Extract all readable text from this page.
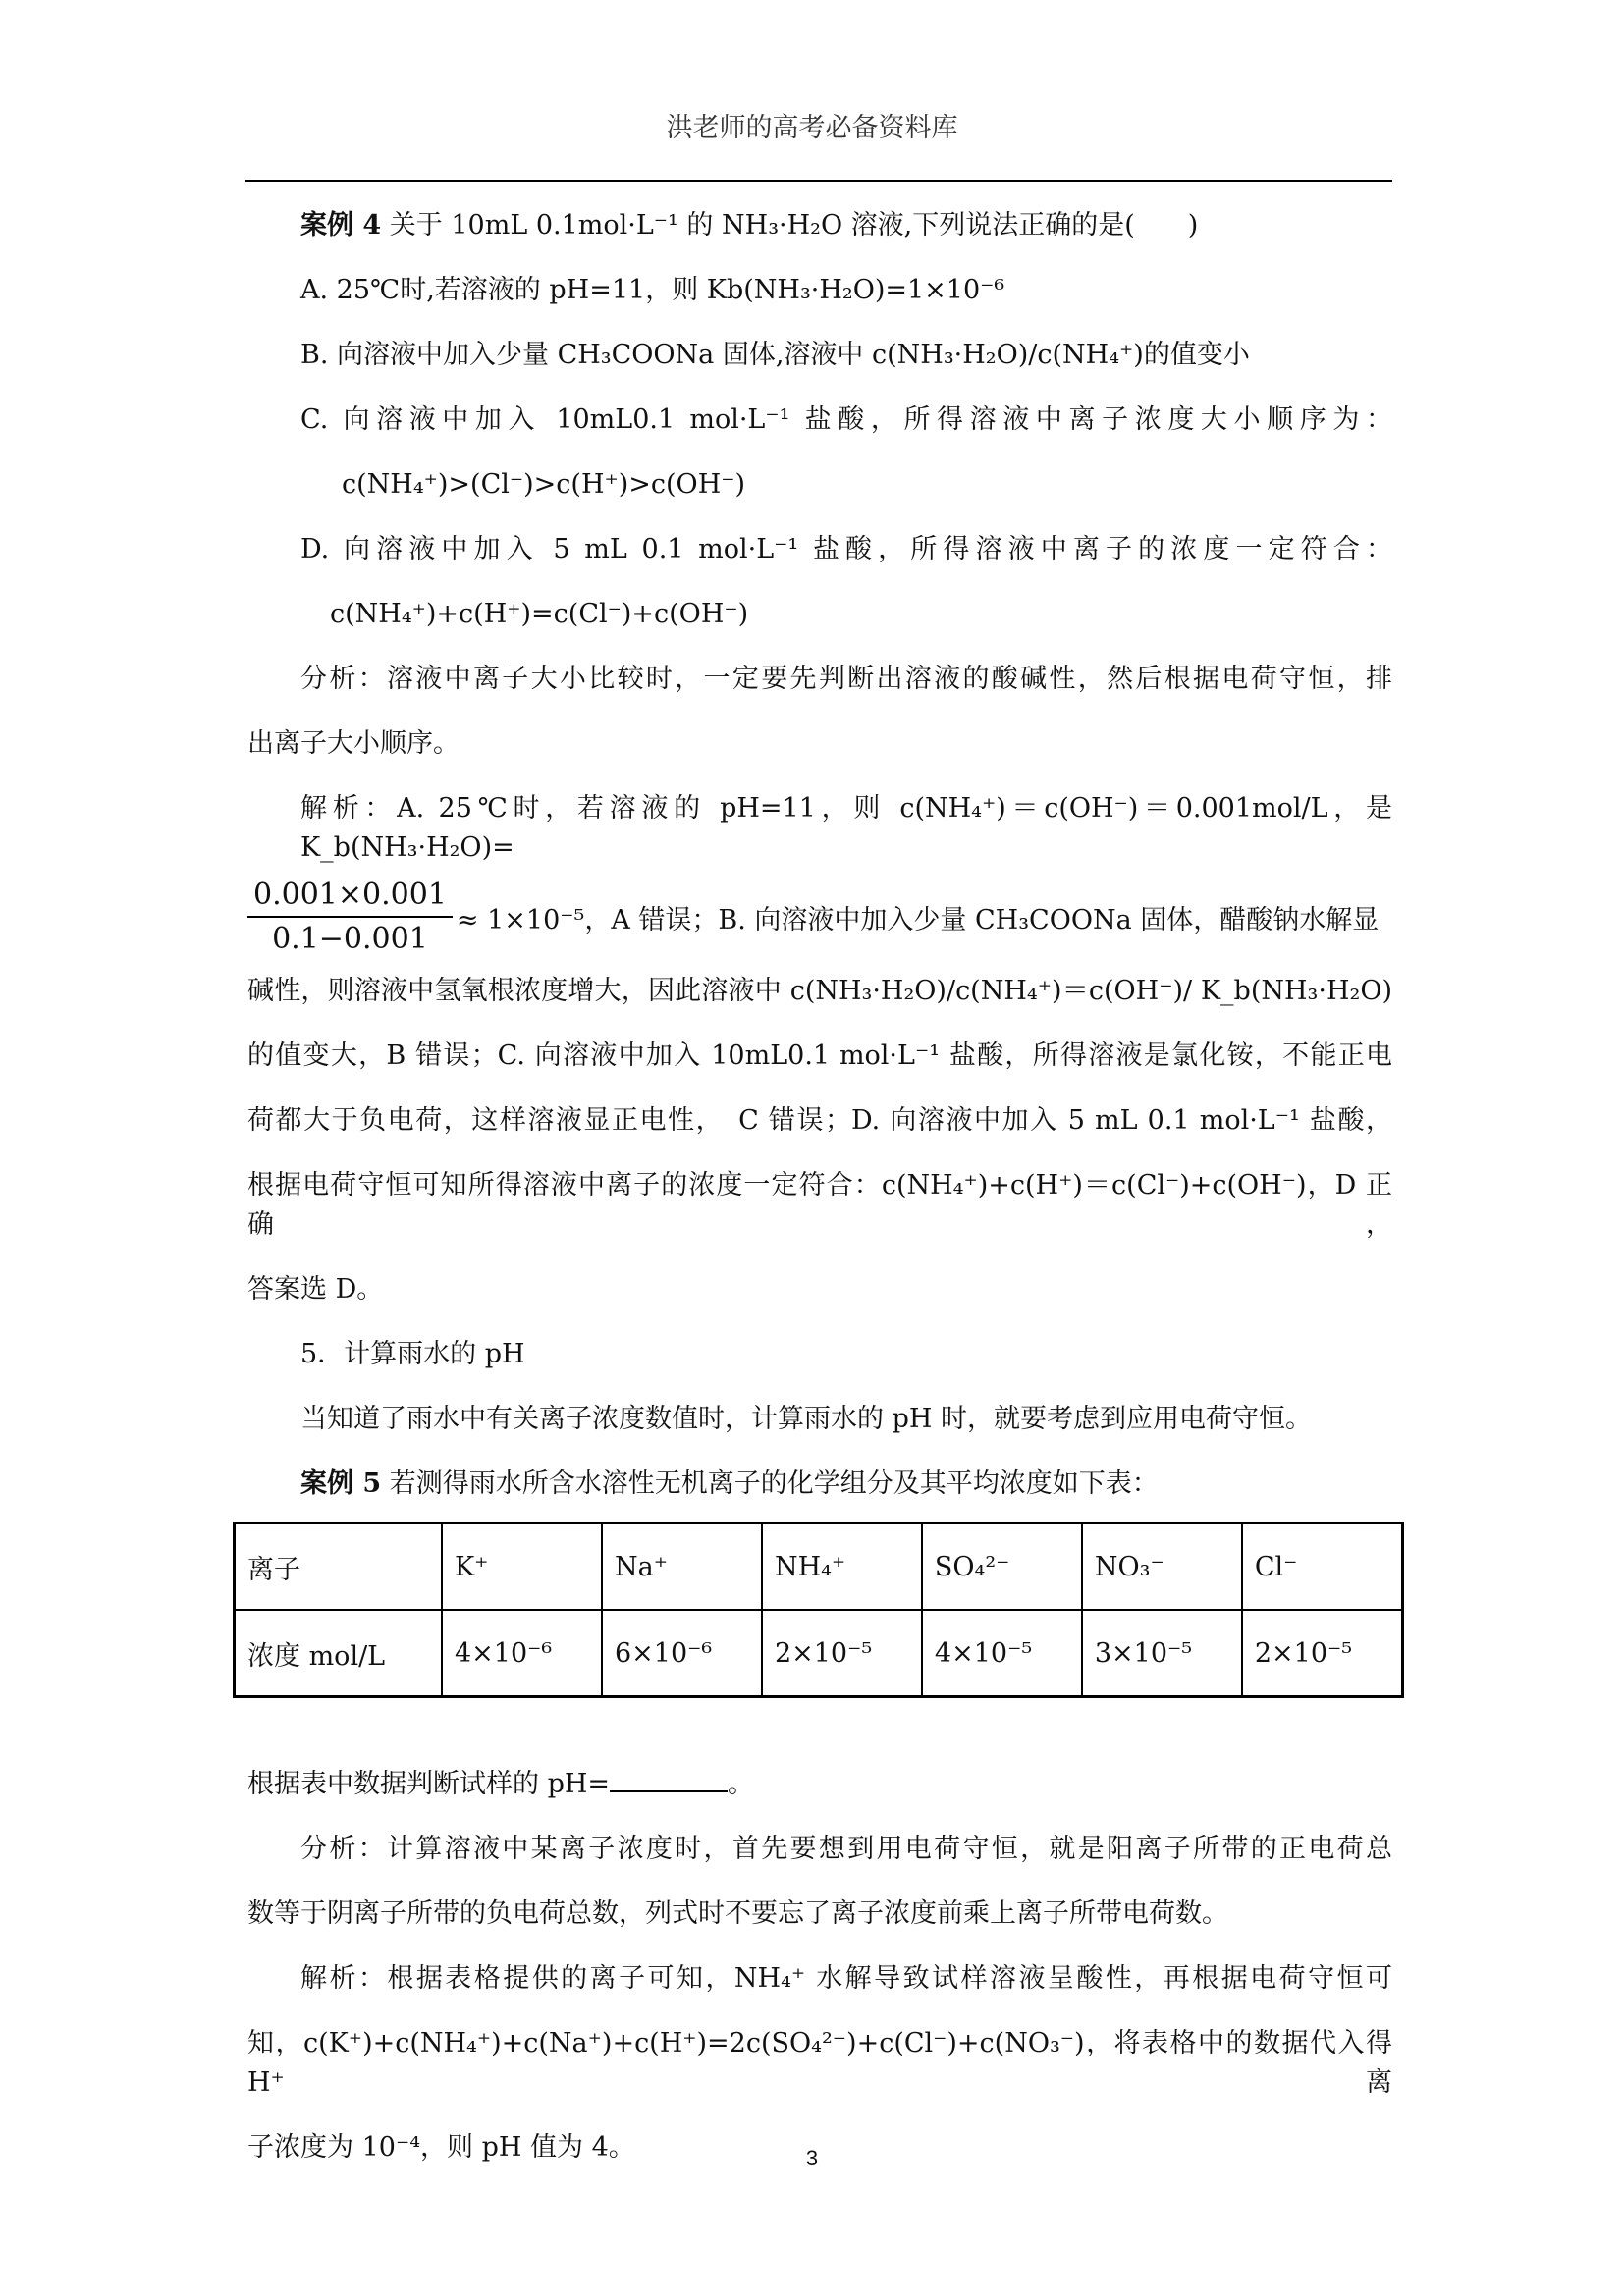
洪老师的高考必备资料库
案例 4 关于 10mL 0.1mol·L⁻¹ 的 NH₃·H₂O 溶液,下列说法正确的是(　　)
A. 25℃时,若溶液的 pH=11，则 Kb(NH₃·H₂O)=1×10⁻⁶
B. 向溶液中加入少量 CH₃COONa 固体,溶液中 c(NH₃·H₂O)/c(NH₄⁺)的值变小
C. 向溶液中加入 10mL0.1 mol·L⁻¹ 盐酸，所得溶液中离子浓度大小顺序为：
c(NH₄⁺)>(Cl⁻)>c(H⁺)>c(OH⁻)
D. 向溶液中加入 5 mL 0.1 mol·L⁻¹ 盐酸，所得溶液中离子的浓度一定符合：
c(NH₄⁺)+c(H⁺)=c(Cl⁻)+c(OH⁻)
分析：溶液中离子大小比较时，一定要先判断出溶液的酸碱性，然后根据电荷守恒，排
出离子大小顺序。
解析：A. 25℃时，若溶液的 pH=11，则 c(NH₄⁺)＝c(OH⁻)＝0.001mol/L，是 K_b(NH₃·H₂O)=
$\frac{0.001\times 0.001}{0.1-0.001} \approx 1\times 10^{-5}$，A 错误；B. 向溶液中加入少量 CH₃COONa 固体，醋酸钠水解显
碱性，则溶液中氢氧根浓度增大，因此溶液中 c(NH₃·H₂O)/c(NH₄⁺)＝c(OH⁻)/ K_b(NH₃·H₂O)
的值变大，B 错误；C. 向溶液中加入 10mL0.1 mol·L⁻¹ 盐酸，所得溶液是氯化铵，不能正电
荷都大于负电荷，这样溶液显正电性，　C 错误；D. 向溶液中加入 5 mL 0.1 mol·L⁻¹ 盐酸，
根据电荷守恒可知所得溶液中离子的浓度一定符合：c(NH₄⁺)+c(H⁺)＝c(Cl⁻)+c(OH⁻)，D 正确，
答案选 D。
5．计算雨水的 pH
当知道了雨水中有关离子浓度数值时，计算雨水的 pH 时，就要考虑到应用电荷守恒。
案例 5 若测得雨水所含水溶性无机离子的化学组分及其平均浓度如下表：
离子	K⁺	Na⁺	NH₄⁺	SO₄²⁻	NO₃⁻	Cl⁻
浓度 mol/L	4×10⁻⁶	6×10⁻⁶	2×10⁻⁵	4×10⁻⁵	3×10⁻⁵	2×10⁻⁵
根据表中数据判断试样的 pH=	。
分析：计算溶液中某离子浓度时，首先要想到用电荷守恒，就是阳离子所带的正电荷总
数等于阴离子所带的负电荷总数，列式时不要忘了离子浓度前乘上离子所带电荷数。
解析：根据表格提供的离子可知，NH₄⁺ 水解导致试样溶液呈酸性，再根据电荷守恒可
知，c(K⁺)+c(NH₄⁺)+c(Na⁺)+c(H⁺)=2c(SO₄²⁻)+c(Cl⁻)+c(NO₃⁻)，将表格中的数据代入得 H⁺离
子浓度为 10⁻⁴，则 pH 值为 4。	3
